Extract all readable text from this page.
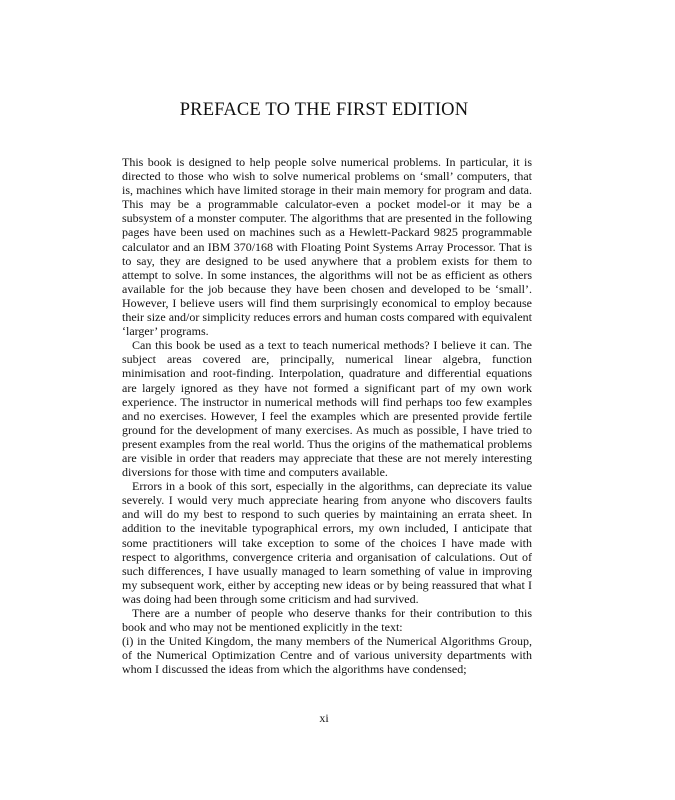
PREFACE TO THE FIRST EDITION

This book is designed to help people solve numerical problems. In particular, it is directed to those who wish to solve numerical problems on ‘small’ computers, that is, machines which have limited storage in their main memory for program and data. This may be a programmable calculator-even a pocket model-or it may be a subsystem of a monster computer. The algorithms that are presented in the following pages have been used on machines such as a Hewlett-Packard 9825 programmable calculator and an IBM 370/168 with Floating Point Systems Array Processor. That is to say, they are designed to be used anywhere that a problem exists for them to attempt to solve. In some instances, the algorithms will not be as efficient as others available for the job because they have been chosen and developed to be ‘small’. However, I believe users will find them surprisingly economical to employ because their size and/or simplicity reduces errors and human costs compared with equivalent ‘larger’ programs.

Can this book be used as a text to teach numerical methods? I believe it can. The subject areas covered are, principally, numerical linear algebra, function minimisation and root-finding. Interpolation, quadrature and differential equations are largely ignored as they have not formed a significant part of my own work experience. The instructor in numerical methods will find perhaps too few examples and no exercises. However, I feel the examples which are presented provide fertile ground for the development of many exercises. As much as possible, I have tried to present examples from the real world. Thus the origins of the mathematical problems are visible in order that readers may appreciate that these are not merely interesting diversions for those with time and computers available.

Errors in a book of this sort, especially in the algorithms, can depreciate its value severely. I would very much appreciate hearing from anyone who discovers faults and will do my best to respond to such queries by maintaining an errata sheet. In addition to the inevitable typographical errors, my own included, I anticipate that some practitioners will take exception to some of the choices I have made with respect to algorithms, convergence criteria and organisation of calculations. Out of such differences, I have usually managed to learn something of value in improving my subsequent work, either by accepting new ideas or by being reassured that what I was doing had been through some criticism and had survived.

There are a number of people who deserve thanks for their contribution to this book and who may not be mentioned explicitly in the text:

(i) in the United Kingdom, the many members of the Numerical Algorithms Group, of the Numerical Optimization Centre and of various university departments with whom I discussed the ideas from which the algorithms have condensed;

xi
